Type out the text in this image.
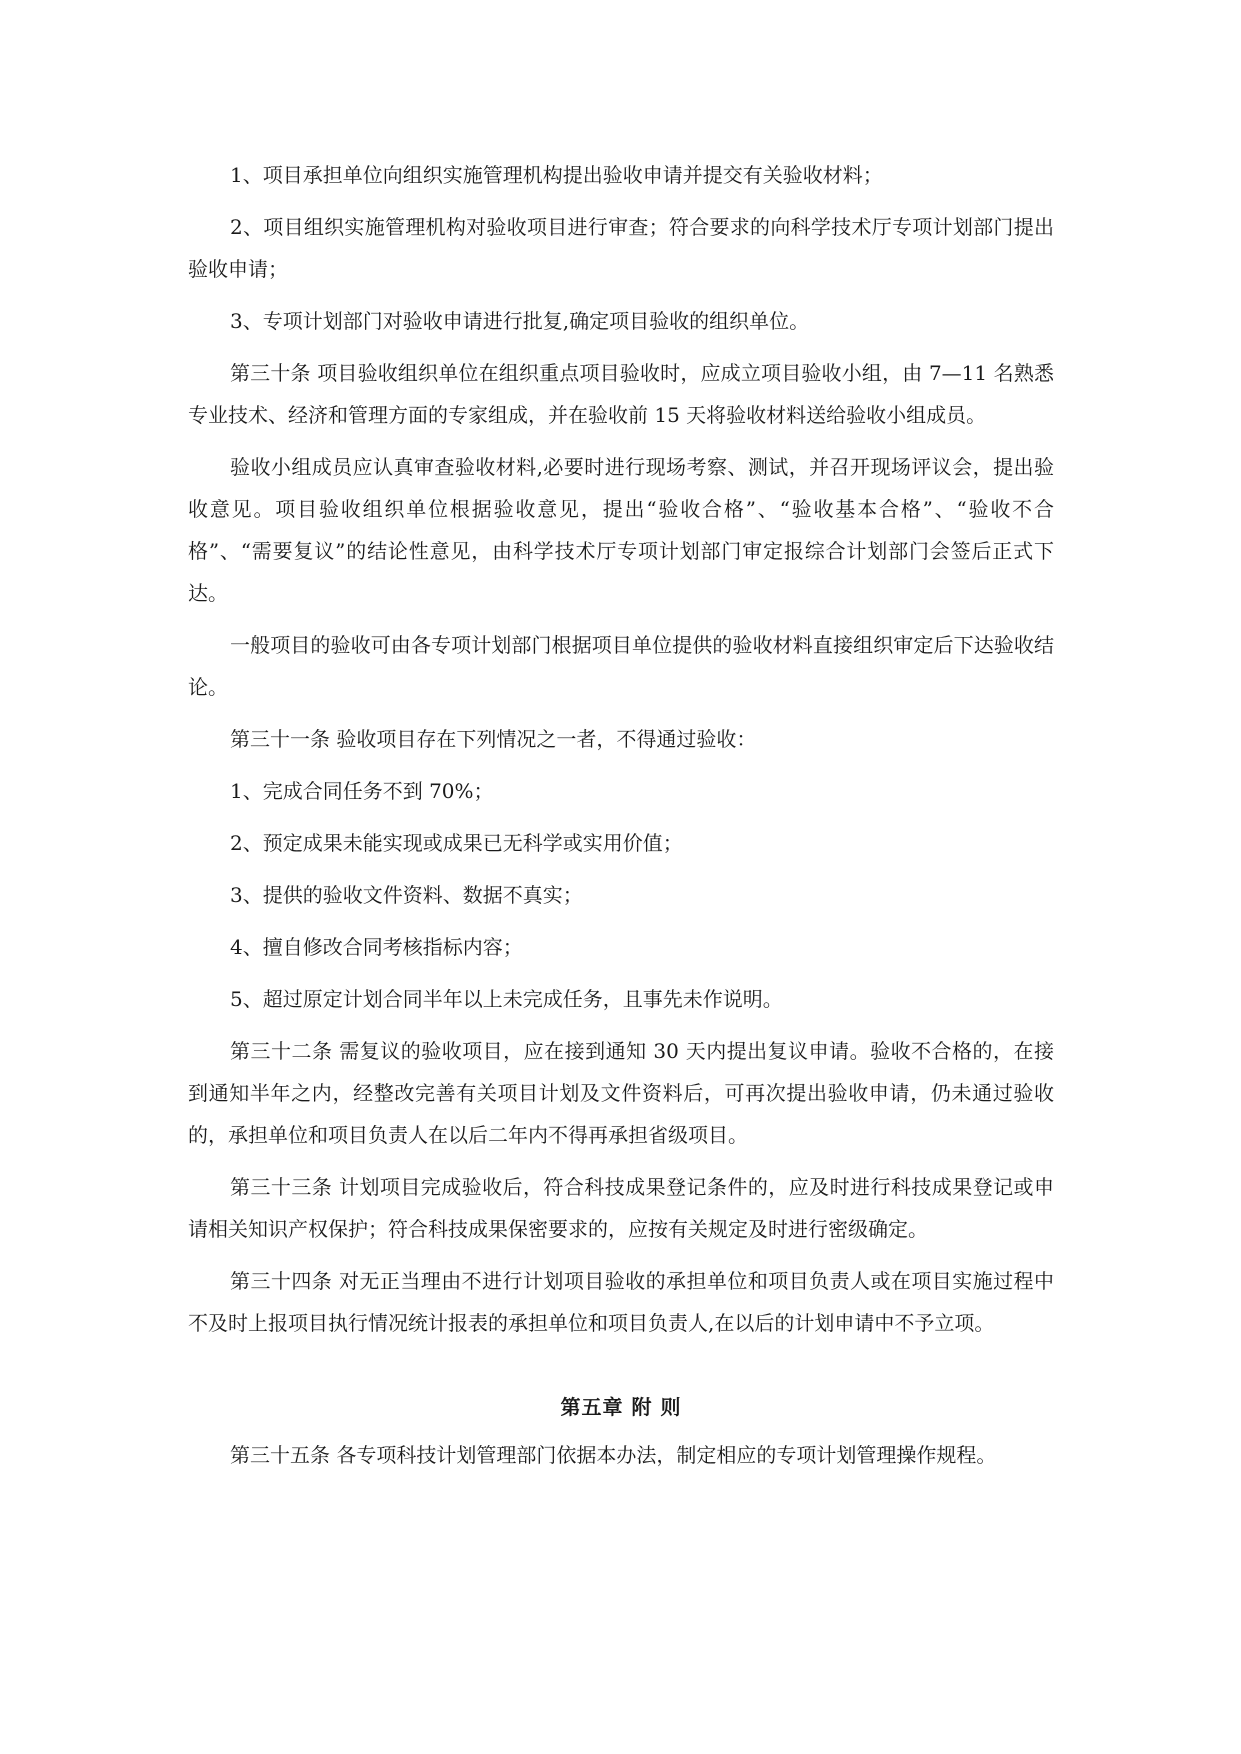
1、项目承担单位向组织实施管理机构提出验收申请并提交有关验收材料；

2、项目组织实施管理机构对验收项目进行审查；符合要求的向科学技术厅专项计划部门提出验收申请；

3、专项计划部门对验收申请进行批复,确定项目验收的组织单位。

第三十条 项目验收组织单位在组织重点项目验收时，应成立项目验收小组，由 7—11 名熟悉专业技术、经济和管理方面的专家组成，并在验收前 15 天将验收材料送给验收小组成员。

验收小组成员应认真审查验收材料,必要时进行现场考察、测试，并召开现场评议会，提出验收意见。项目验收组织单位根据验收意见，提出“验收合格”、“验收基本合格”、“验收不合格”、“需要复议”的结论性意见，由科学技术厅专项计划部门审定报综合计划部门会签后正式下达。

一般项目的验收可由各专项计划部门根据项目单位提供的验收材料直接组织审定后下达验收结论。

第三十一条 验收项目存在下列情况之一者，不得通过验收：

1、完成合同任务不到 70%；

2、预定成果未能实现或成果已无科学或实用价值；

3、提供的验收文件资料、数据不真实；

4、擅自修改合同考核指标内容；

5、超过原定计划合同半年以上未完成任务，且事先未作说明。

第三十二条 需复议的验收项目，应在接到通知 30 天内提出复议申请。验收不合格的，在接到通知半年之内，经整改完善有关项目计划及文件资料后，可再次提出验收申请，仍未通过验收的，承担单位和项目负责人在以后二年内不得再承担省级项目。

第三十三条 计划项目完成验收后，符合科技成果登记条件的，应及时进行科技成果登记或申请相关知识产权保护；符合科技成果保密要求的，应按有关规定及时进行密级确定。

第三十四条 对无正当理由不进行计划项目验收的承担单位和项目负责人或在项目实施过程中不及时上报项目执行情况统计报表的承担单位和项目负责人,在以后的计划申请中不予立项。

第五章 附 则

第三十五条 各专项科技计划管理部门依据本办法，制定相应的专项计划管理操作规程。
